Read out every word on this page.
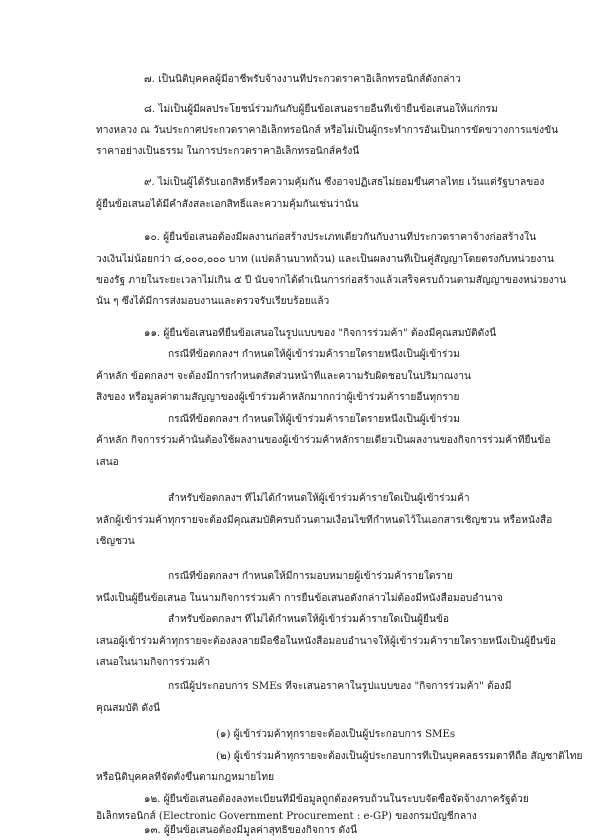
๗. เป็นนิติบุคคลผู้มีอาชีพรับจ้างงานที่ประกวดราคาอิเล็กทรอนิกส์ดังกล่าว
๘. ไม่เป็นผู้มีผลประโยชน์ร่วมกันกับผู้ยื่นข้อเสนอรายอื่นที่เข้ายื่นข้อเสนอให้แก่กรม
ทางหลวง ณ วันประกาศประกวดราคาอิเล็กทรอนิกส์ หรือไม่เป็นผู้กระทำการอันเป็นการขัดขวางการแข่งขัน
ราคาอย่างเป็นธรรม ในการประกวดราคาอิเล็กทรอนิกส์ครั้งนี้
๙. ไม่เป็นผู้ได้รับเอกสิทธิ์หรือความคุ้มกัน ซึ่งอาจปฏิเสธไม่ยอมขึ้นศาลไทย เว้นแต่รัฐบาลของ
ผู้ยื่นข้อเสนอได้มีคำสั่งสละเอกสิทธิ์และความคุ้มกันเช่นว่านั้น
๑๐. ผู้ยื่นข้อเสนอต้องมีผลงานก่อสร้างประเภทเดียวกันกับงานที่ประกวดราคาจ้างก่อสร้างใน
วงเงินไม่น้อยกว่า ๘,๐๐๐,๐๐๐ บาท (แปดล้านบาทถ้วน) และเป็นผลงานที่เป็นคู่สัญญาโดยตรงกับหน่วยงาน
ของรัฐ ภายในระยะเวลาไม่เกิน ๕ ปี นับจากได้ดำเนินการก่อสร้างแล้วเสร็จครบถ้วนตามสัญญาของหน่วยงาน
นั้น ๆ ซึ่งได้มีการส่งมอบงานและตรวจรับเรียบร้อยแล้ว
๑๑. ผู้ยื่นข้อเสนอที่ยื่นข้อเสนอในรูปแบบของ "กิจการร่วมค้า" ต้องมีคุณสมบัติดังนี้
กรณีที่ข้อตกลงฯ กำหนดให้ผู้เข้าร่วมค้ารายใดรายหนึ่งเป็นผู้เข้าร่วม
ค้าหลัก ข้อตกลงฯ จะต้องมีการกำหนดสัดส่วนหน้าที่และความรับผิดชอบในปริมาณงาน
สิ่งของ หรือมูลค่าตามสัญญาของผู้เข้าร่วมค้าหลักมากกว่าผู้เข้าร่วมค้ารายอื่นทุกราย
กรณีที่ข้อตกลงฯ กำหนดให้ผู้เข้าร่วมค้ารายใดรายหนึ่งเป็นผู้เข้าร่วม
ค้าหลัก กิจการร่วมค้านั้นต้องใช้ผลงานของผู้เข้าร่วมค้าหลักรายเดียวเป็นผลงานของกิจการร่วมค้าที่ยื่นข้อ
เสนอ
สำหรับข้อตกลงฯ ที่ไม่ได้กำหนดให้ผู้เข้าร่วมค้ารายใดเป็นผู้เข้าร่วมค้า
หลักผู้เข้าร่วมค้าทุกรายจะต้องมีคุณสมบัติครบถ้วนตามเงื่อนไขที่กำหนดไว้ในเอกสารเชิญชวน หรือหนังสือ
เชิญชวน
กรณีที่ข้อตกลงฯ กำหนดให้มีการมอบหมายผู้เข้าร่วมค้ารายใดราย
หนึ่งเป็นผู้ยื่นข้อเสนอ ในนามกิจการร่วมค้า การยื่นข้อเสนอดังกล่าวไม่ต้องมีหนังสือมอบอำนาจ
สำหรับข้อตกลงฯ ที่ไม่ได้กำหนดให้ผู้เข้าร่วมค้ารายใดเป็นผู้ยื่นข้อ
เสนอผู้เข้าร่วมค้าทุกรายจะต้องลงลายมือชื่อในหนังสือมอบอำนาจให้ผู้เข้าร่วมค้ารายใดรายหนึ่งเป็นผู้ยื่นข้อ
เสนอในนามกิจการร่วมค้า
กรณีผู้ประกอบการ SMEs ที่จะเสนอราคาในรูปแบบของ "กิจการร่วมค้า" ต้องมี
คุณสมบัติ ดังนี้
(๑) ผู้เข้าร่วมค้าทุกรายจะต้องเป็นผู้ประกอบการ SMEs
(๒) ผู้เข้าร่วมค้าทุกรายจะต้องเป็นผู้ประกอบการที่เป็นบุคคลธรรมดาที่ถือ สัญชาติไทย
หรือนิติบุคคลที่จัดตั้งขึ้นตามกฎหมายไทย
๑๒. ผู้ยื่นข้อเสนอต้องลงทะเบียนที่มีข้อมูลถูกต้องครบถ้วนในระบบจัดซื้อจัดจ้างภาครัฐด้วย
อิเล็กทรอนิกส์ (Electronic Government Procurement : e-GP) ของกรมบัญชีกลาง
๑๓. ผู้ยื่นข้อเสนอต้องมีมูลค่าสุทธิของกิจการ ดังนี้
